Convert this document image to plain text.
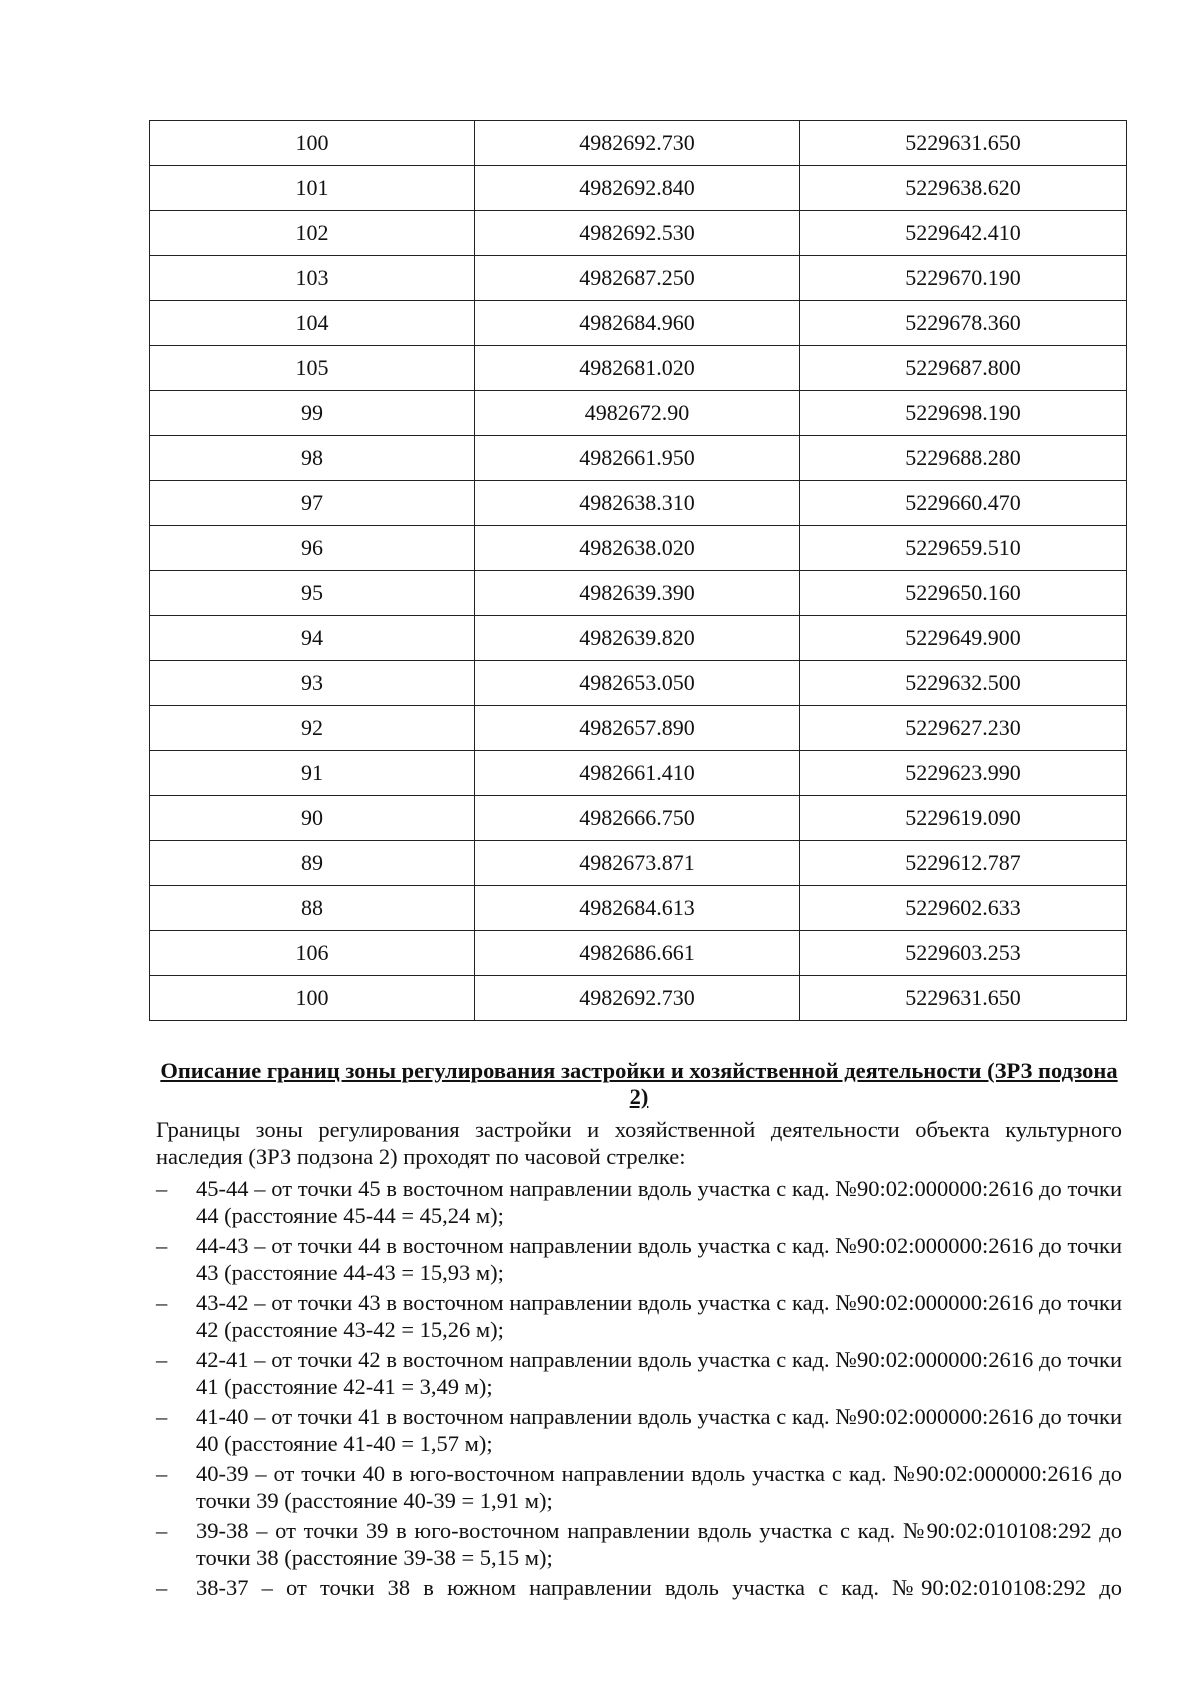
100	4982692.730	5229631.650
101	4982692.840	5229638.620
102	4982692.530	5229642.410
103	4982687.250	5229670.190
104	4982684.960	5229678.360
105	4982681.020	5229687.800
99	4982672.90	5229698.190
98	4982661.950	5229688.280
97	4982638.310	5229660.470
96	4982638.020	5229659.510
95	4982639.390	5229650.160
94	4982639.820	5229649.900
93	4982653.050	5229632.500
92	4982657.890	5229627.230
91	4982661.410	5229623.990
90	4982666.750	5229619.090
89	4982673.871	5229612.787
88	4982684.613	5229602.633
106	4982686.661	5229603.253
100	4982692.730	5229631.650
Описание границ зоны регулирования застройки и хозяйственной деятельности (ЗРЗ подзона 2)
Границы зоны регулирования застройки и хозяйственной деятельности объекта культурного наследия (ЗРЗ подзона 2) проходят по часовой стрелке:
– 45-44 – от точки 45 в восточном направлении вдоль участка с кад. №90:02:000000:2616 до точки 44 (расстояние 45-44 = 45,24 м);
– 44-43 – от точки 44 в восточном направлении вдоль участка с кад. №90:02:000000:2616 до точки 43 (расстояние 44-43 = 15,93 м);
– 43-42 – от точки 43 в восточном направлении вдоль участка с кад. №90:02:000000:2616 до точки 42 (расстояние 43-42 = 15,26 м);
– 42-41 – от точки 42 в восточном направлении вдоль участка с кад. №90:02:000000:2616 до точки 41 (расстояние 42-41 = 3,49 м);
– 41-40 – от точки 41 в восточном направлении вдоль участка с кад. №90:02:000000:2616 до точки 40 (расстояние 41-40 = 1,57 м);
– 40-39 – от точки 40 в юго-восточном направлении вдоль участка с кад. №90:02:000000:2616 до точки 39 (расстояние 40-39 = 1,91 м);
– 39-38 – от точки 39 в юго-восточном направлении вдоль участка с кад. №90:02:010108:292 до точки 38 (расстояние 39-38 = 5,15 м);
– 38-37 – от точки 38 в южном направлении вдоль участка с кад. №90:02:010108:292 до
